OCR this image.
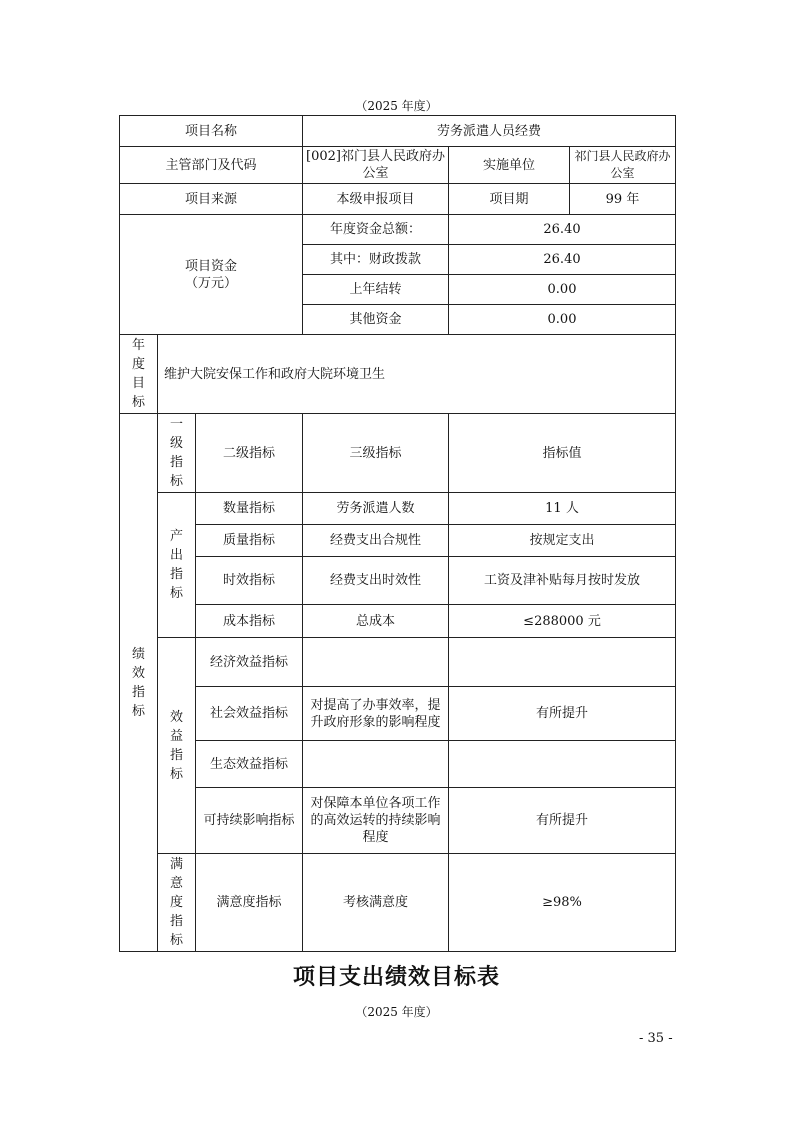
（2025 年度）
项目名称			劳务派遣人员经费		
主管部门及代码			[002]祁门县人民政府办公室	实施单位	祁门县人民政府办公室
项目来源			本级申报项目	项目期	99 年
项目资金（万元）			年度资金总额：	26.40	
			其中：财政拨款	26.40	
			上年结转	0.00	
			其他资金	0.00	

年度目标	维护大院安保工作和政府大院环境卫生				

绩效指标	一级指标	二级指标	三级指标	指标值	

	产出指标	数量指标	劳务派遣人数	11 人	
		质量指标	经费支出合规性	按规定支出	
		时效指标	经费支出时效性	工资及津补贴每月按时发放	
		成本指标	总成本	≤288000 元	

	效益指标	经济效益指标			
		社会效益指标	对提高了办事效率，提升政府形象的影响程度	有所提升	
		生态效益指标			
		可持续影响指标	对保障本单位各项工作的高效运转的持续影响程度	有所提升	

	满意度指标	满意度指标	考核满意度	≥98%	
项目支出绩效目标表
（2025 年度）
- 35 -
